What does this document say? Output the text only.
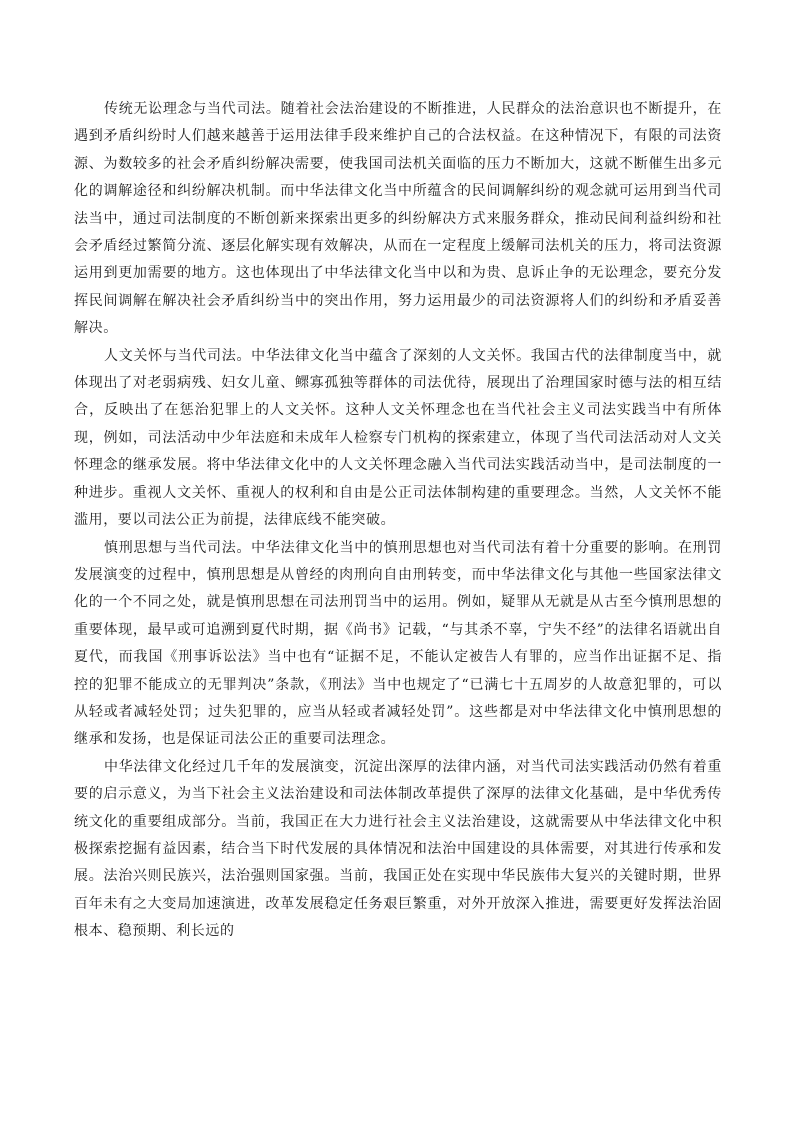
传统无讼理念与当代司法。随着社会法治建设的不断推进，人民群众的法治意识也不断提升，在遇到矛盾纠纷时人们越来越善于运用法律手段来维护自己的合法权益。在这种情况下，有限的司法资源、为数较多的社会矛盾纠纷解决需要，使我国司法机关面临的压力不断加大，这就不断催生出多元化的调解途径和纠纷解决机制。而中华法律文化当中所蕴含的民间调解纠纷的观念就可运用到当代司法当中，通过司法制度的不断创新来探索出更多的纠纷解决方式来服务群众，推动民间利益纠纷和社会矛盾经过繁简分流、逐层化解实现有效解决，从而在一定程度上缓解司法机关的压力，将司法资源运用到更加需要的地方。这也体现出了中华法律文化当中以和为贵、息诉止争的无讼理念，要充分发挥民间调解在解决社会矛盾纠纷当中的突出作用，努力运用最少的司法资源将人们的纠纷和矛盾妥善解决。

人文关怀与当代司法。中华法律文化当中蕴含了深刻的人文关怀。我国古代的法律制度当中，就体现出了对老弱病残、妇女儿童、鳏寡孤独等群体的司法优待，展现出了治理国家时德与法的相互结合，反映出了在惩治犯罪上的人文关怀。这种人文关怀理念也在当代社会主义司法实践当中有所体现，例如，司法活动中少年法庭和未成年人检察专门机构的探索建立，体现了当代司法活动对人文关怀理念的继承发展。将中华法律文化中的人文关怀理念融入当代司法实践活动当中，是司法制度的一种进步。重视人文关怀、重视人的权利和自由是公正司法体制构建的重要理念。当然，人文关怀不能滥用，要以司法公正为前提，法律底线不能突破。

慎刑思想与当代司法。中华法律文化当中的慎刑思想也对当代司法有着十分重要的影响。在刑罚发展演变的过程中，慎刑思想是从曾经的肉刑向自由刑转变，而中华法律文化与其他一些国家法律文化的一个不同之处，就是慎刑思想在司法刑罚当中的运用。例如，疑罪从无就是从古至今慎刑思想的重要体现，最早或可追溯到夏代时期，据《尚书》记载，“与其杀不辜，宁失不经”的法律名语就出自夏代，而我国《刑事诉讼法》当中也有“证据不足，不能认定被告人有罪的，应当作出证据不足、指控的犯罪不能成立的无罪判决”条款，《刑法》当中也规定了“已满七十五周岁的人故意犯罪的，可以从轻或者减轻处罚；过失犯罪的，应当从轻或者减轻处罚”。这些都是对中华法律文化中慎刑思想的继承和发扬，也是保证司法公正的重要司法理念。

中华法律文化经过几千年的发展演变，沉淀出深厚的法律内涵，对当代司法实践活动仍然有着重要的启示意义，为当下社会主义法治建设和司法体制改革提供了深厚的法律文化基础，是中华优秀传统文化的重要组成部分。当前，我国正在大力进行社会主义法治建设，这就需要从中华法律文化中积极探索挖掘有益因素，结合当下时代发展的具体情况和法治中国建设的具体需要，对其进行传承和发展。法治兴则民族兴，法治强则国家强。当前，我国正处在实现中华民族伟大复兴的关键时期，世界百年未有之大变局加速演进，改革发展稳定任务艰巨繁重，对外开放深入推进，需要更好发挥法治固根本、稳预期、利长远的
